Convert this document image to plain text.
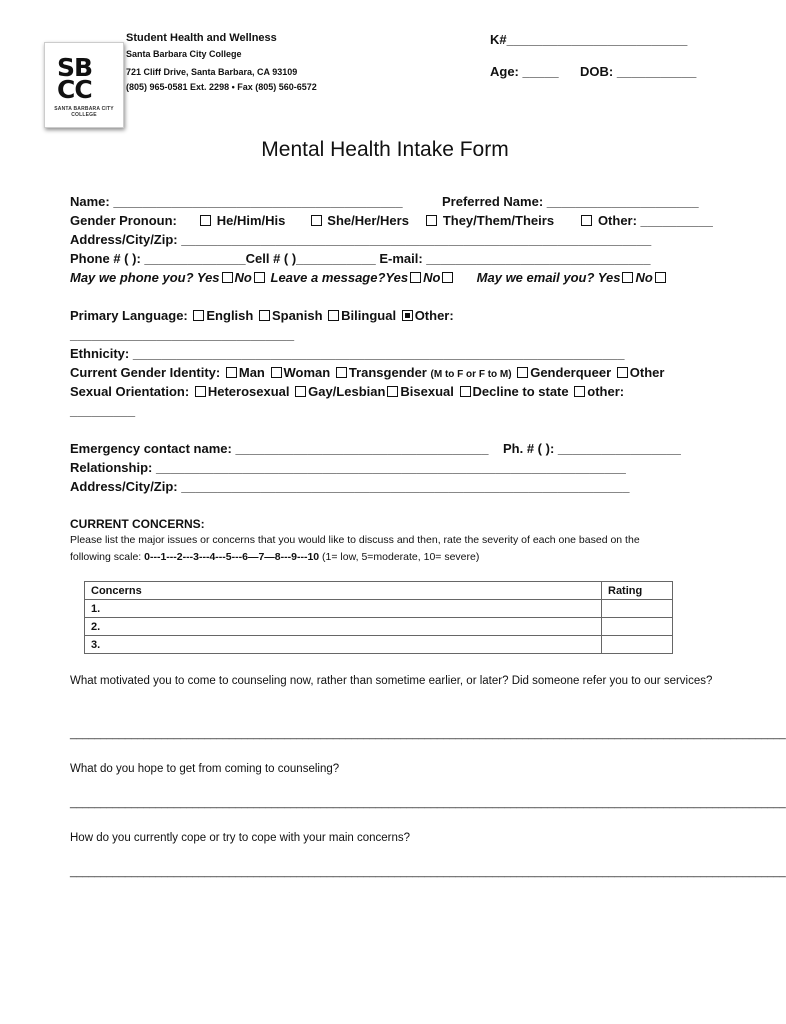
SB
CC
SANTA BARBARA CITY COLLEGE
Student Health and Wellness
Santa Barbara City College
721 Cliff Drive, Santa Barbara, CA 93109
(805) 965-0581 Ext. 2298 • Fax (805) 560-6572
K#_________________________
Age: _____ DOB: ___________
Mental Health Intake Form
Name: ________________________________________	Preferred Name: _____________________
Gender Pronoun:	He/Him/His	She/Her/Hers	They/Them/Theirs	Other: __________
Address/City/Zip: _________________________________________________________________
Phone # ( ): ______________Cell # ( )___________ E-mail: _______________________________
May we phone you? Yes No Leave a message?Yes No	May we email you? Yes No
Primary Language: English Spanish Bilingual Other:
_______________________________
Ethnicity: ____________________________________________________________________
Current Gender Identity: Man Woman Transgender (M to F or F to M) Genderqueer Other
Sexual Orientation: Heterosexual Gay/Lesbian Bisexual Decline to state other:
_________
Emergency contact name: ___________________________________ Ph. # ( ): _________________
Relationship: _________________________________________________________________
Address/City/Zip: ______________________________________________________________
CURRENT CONCERNS:
Please list the major issues or concerns that you would like to discuss and then, rate the severity of each one based on the
following scale: 0---1---2---3---4---5---6—7—8---9---10 (1= low, 5=moderate, 10= severe)
Concerns	Rating
1.	
2.	
3.	
What motivated you to come to counseling now, rather than sometime earlier, or later? Did someone refer you to our services?
_____________________________________________________________________________________________________________________
What do you hope to get from coming to counseling?
_____________________________________________________________________________________________________________________
How do you currently cope or try to cope with your main concerns?
_____________________________________________________________________________________________________________________
